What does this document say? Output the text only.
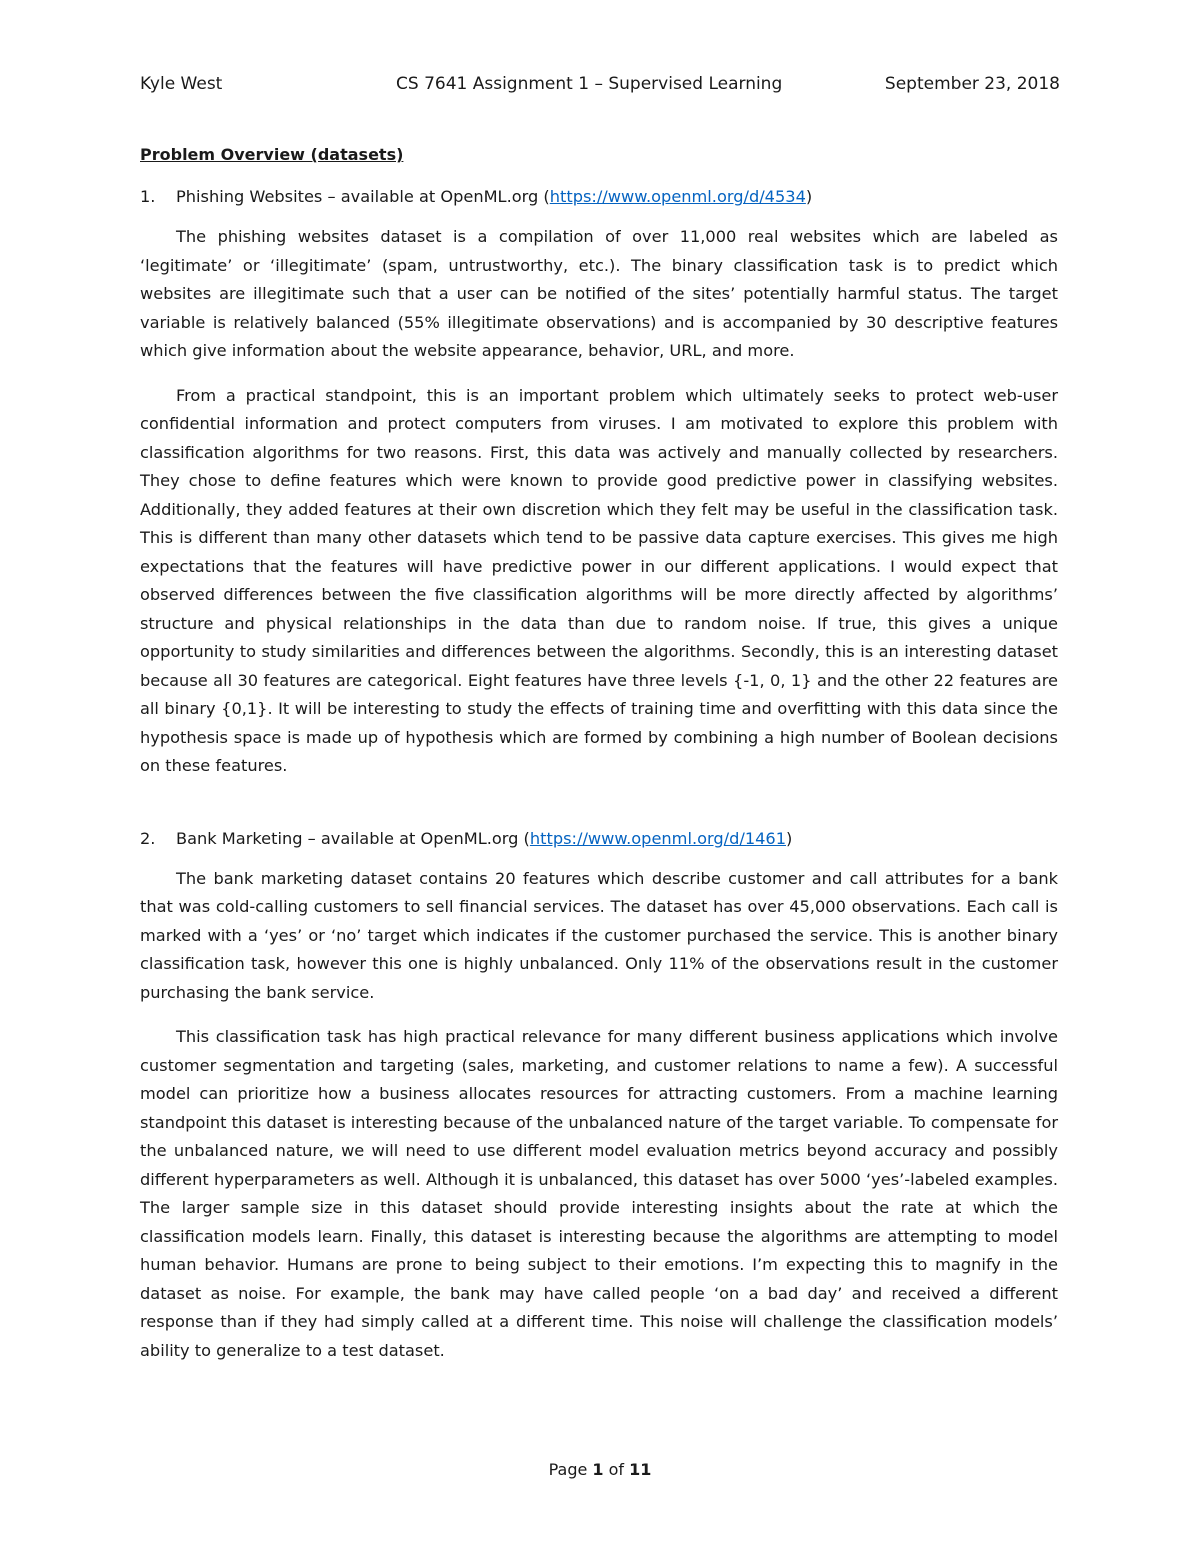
Kyle West	CS 7641 Assignment 1 – Supervised Learning	September 23, 2018
Problem Overview (datasets)
1.	Phishing Websites – available at OpenML.org (https://www.openml.org/d/4534)

The phishing websites dataset is a compilation of over 11,000 real websites which are labeled as ‘legitimate’ or ‘illegitimate’ (spam, untrustworthy, etc.). The binary classification task is to predict which websites are illegitimate such that a user can be notified of the sites’ potentially harmful status. The target variable is relatively balanced (55% illegitimate observations) and is accompanied by 30 descriptive features which give information about the website appearance, behavior, URL, and more.

From a practical standpoint, this is an important problem which ultimately seeks to protect web-user confidential information and protect computers from viruses. I am motivated to explore this problem with classification algorithms for two reasons. First, this data was actively and manually collected by researchers. They chose to define features which were known to provide good predictive power in classifying websites. Additionally, they added features at their own discretion which they felt may be useful in the classification task. This is different than many other datasets which tend to be passive data capture exercises. This gives me high expectations that the features will have predictive power in our different applications. I would expect that observed differences between the five classification algorithms will be more directly affected by algorithms’ structure and physical relationships in the data than due to random noise. If true, this gives a unique opportunity to study similarities and differences between the algorithms. Secondly, this is an interesting dataset because all 30 features are categorical. Eight features have three levels {-1, 0, 1} and the other 22 features are all binary {0,1}. It will be interesting to study the effects of training time and overfitting with this data since the hypothesis space is made up of hypothesis which are formed by combining a high number of Boolean decisions on these features.

2.	Bank Marketing – available at OpenML.org (https://www.openml.org/d/1461)

The bank marketing dataset contains 20 features which describe customer and call attributes for a bank that was cold-calling customers to sell financial services. The dataset has over 45,000 observations. Each call is marked with a ‘yes’ or ‘no’ target which indicates if the customer purchased the service. This is another binary classification task, however this one is highly unbalanced. Only 11% of the observations result in the customer purchasing the bank service.

This classification task has high practical relevance for many different business applications which involve customer segmentation and targeting (sales, marketing, and customer relations to name a few). A successful model can prioritize how a business allocates resources for attracting customers. From a machine learning standpoint this dataset is interesting because of the unbalanced nature of the target variable. To compensate for the unbalanced nature, we will need to use different model evaluation metrics beyond accuracy and possibly different hyperparameters as well. Although it is unbalanced, this dataset has over 5000 ‘yes’-labeled examples. The larger sample size in this dataset should provide interesting insights about the rate at which the classification models learn. Finally, this dataset is interesting because the algorithms are attempting to model human behavior. Humans are prone to being subject to their emotions. I’m expecting this to magnify in the dataset as noise. For example, the bank may have called people ‘on a bad day’ and received a different response than if they had simply called at a different time. This noise will challenge the classification models’ ability to generalize to a test dataset.

Page 1 of 11
